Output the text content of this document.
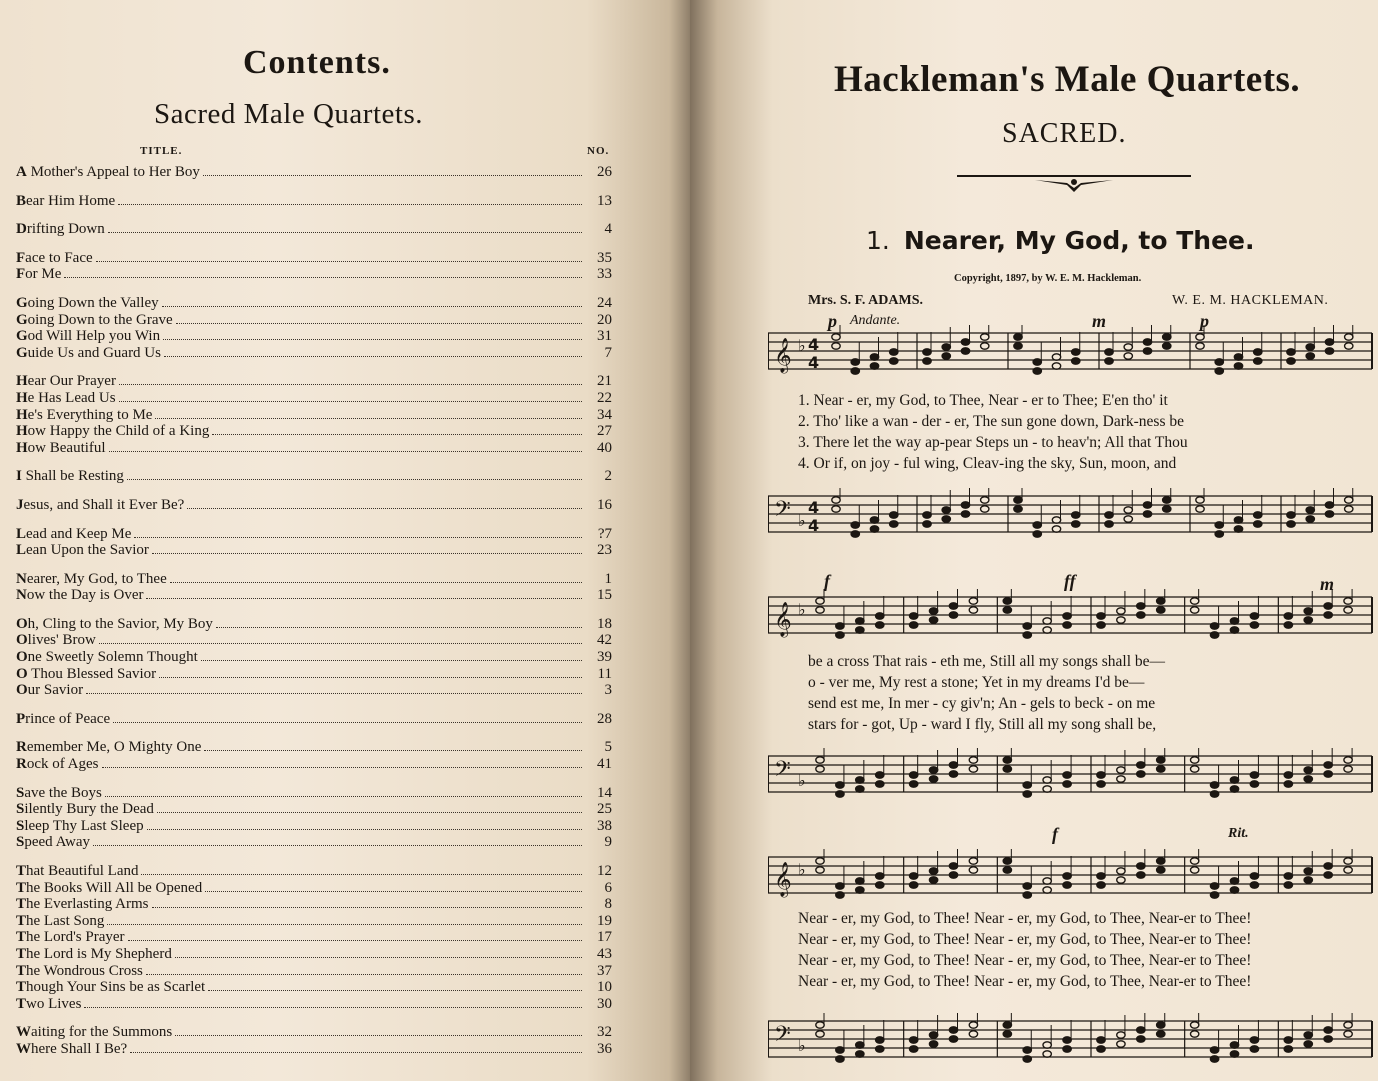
Contents.
Sacred Male Quartets.
TITLE.	NO.
A Mother's Appeal to Her Boy	26
Bear Him Home	13
Drifting Down	4
Face to Face	35
For Me	33
Going Down the Valley	24
Going Down to the Grave	20
God Will Help you Win	31
Guide Us and Guard Us	7
Hear Our Prayer	21
He Has Lead Us	22
He's Everything to Me	34
How Happy the Child of a King	27
How Beautiful	40
I Shall be Resting	2
Jesus, and Shall it Ever Be?	16
Lead and Keep Me	?7
Lean Upon the Savior	23
Nearer, My God, to Thee	1
Now the Day is Over	15
Oh, Cling to the Savior, My Boy	18
Olives' Brow	42
One Sweetly Solemn Thought	39
O Thou Blessed Savior	11
Our Savior	3
Prince of Peace	28
Remember Me, O Mighty One	5
Rock of Ages	41
Save the Boys	14
Silently Bury the Dead	25
Sleep Thy Last Sleep	38
Speed Away	9
That Beautiful Land	12
The Books Will All be Opened	6
The Everlasting Arms	8
The Last Song	19
The Lord's Prayer	17
The Lord is My Shepherd	43
The Wondrous Cross	37
Though Your Sins be as Scarlet	10
Two Lives	30
Waiting for the Summons	32
Where Shall I Be?	36
Hackleman's Male Quartets.
SACRED.
1. Nearer, My God, to Thee.
Copyright, 1897, by W. E. M. Hackleman.
Mrs. S. F. ADAMS.	W. E. M. HACKLEMAN.
Andante.
p	m	p
f	ff	m
f	Rit.
𝄞 ♭ 4
4
𝄢 ♭
4
4
𝄞 ♭
𝄢 ♭
𝄞 ♭
𝄢 ♭
1. Near - er, my God, to Thee, Near - er to Thee; E'en tho' it
2. Tho' like a wan - der - er, The sun gone down, Dark-ness be
3. There let the way ap-pear Steps un - to heav'n; All that Thou
4. Or if, on joy - ful wing, Cleav-ing the sky, Sun, moon, and
be a cross That rais - eth me, Still all my songs shall be—
o - ver me, My rest a stone; Yet in my dreams I'd be—
send est me, In mer - cy giv'n; An - gels to beck - on me
stars for - got, Up - ward I fly, Still all my song shall be,
Near - er, my God, to Thee! Near - er, my God, to Thee, Near-er to Thee!
Near - er, my God, to Thee! Near - er, my God, to Thee, Near-er to Thee!
Near - er, my God, to Thee! Near - er, my God, to Thee, Near-er to Thee!
Near - er, my God, to Thee! Near - er, my God, to Thee, Near-er to Thee!
